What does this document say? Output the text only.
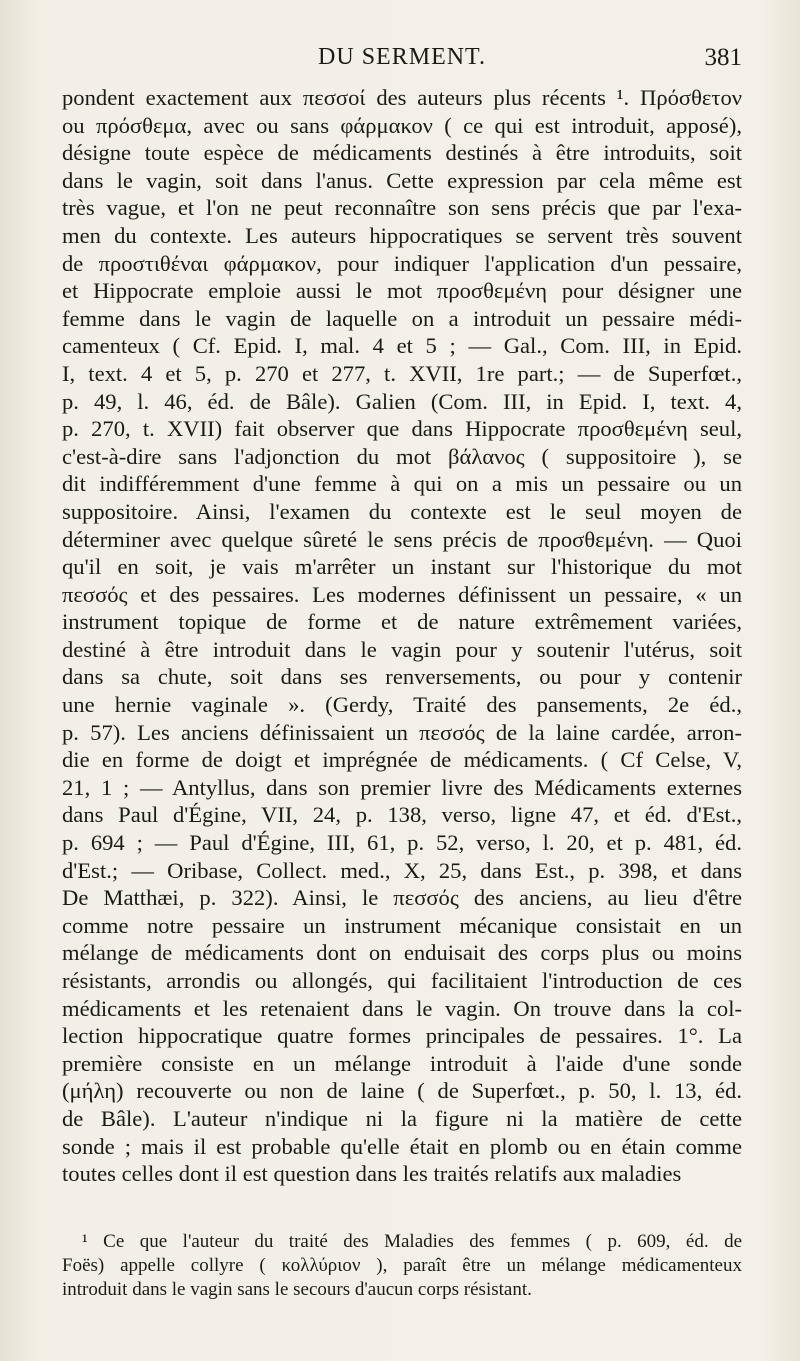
DU SERMENT.	381
pondent exactement aux πεσσοί des auteurs plus récents ¹. Πρόσθετον
ou πρόσθεμα, avec ou sans φάρμακον ( ce qui est introduit, apposé),
désigne toute espèce de médicaments destinés à être introduits, soit
dans le vagin, soit dans l'anus. Cette expression par cela même est
très vague, et l'on ne peut reconnaître son sens précis que par l'exa-
men du contexte. Les auteurs hippocratiques se servent très souvent
de προστιθέναι φάρμακον, pour indiquer l'application d'un pessaire,
et Hippocrate emploie aussi le mot προσθεμένη pour désigner une
femme dans le vagin de laquelle on a introduit un pessaire médi-
camenteux ( Cf. Epid. I, mal. 4 et 5 ; — Gal., Com. III, in Epid.
I, text. 4 et 5, p. 270 et 277, t. XVII, 1re part.; — de Superfœt.,
p. 49, l. 46, éd. de Bâle). Galien (Com. III, in Epid. I, text. 4,
p. 270, t. XVII) fait observer que dans Hippocrate προσθεμένη seul,
c'est-à-dire sans l'adjonction du mot βάλανος ( suppositoire ), se
dit indifféremment d'une femme à qui on a mis un pessaire ou un
suppositoire. Ainsi, l'examen du contexte est le seul moyen de
déterminer avec quelque sûreté le sens précis de προσθεμένη. — Quoi
qu'il en soit, je vais m'arrêter un instant sur l'historique du mot
πεσσός et des pessaires. Les modernes définissent un pessaire, « un
instrument topique de forme et de nature extrêmement variées,
destiné à être introduit dans le vagin pour y soutenir l'utérus, soit
dans sa chute, soit dans ses renversements, ou pour y contenir
une hernie vaginale ». (Gerdy, Traité des pansements, 2e éd.,
p. 57). Les anciens définissaient un πεσσός de la laine cardée, arron-
die en forme de doigt et imprégnée de médicaments. ( Cf Celse, V,
21, 1 ; — Antyllus, dans son premier livre des Médicaments externes
dans Paul d'Égine, VII, 24, p. 138, verso, ligne 47, et éd. d'Est.,
p. 694 ; — Paul d'Égine, III, 61, p. 52, verso, l. 20, et p. 481, éd.
d'Est.; — Oribase, Collect. med., X, 25, dans Est., p. 398, et dans
De Matthæi, p. 322). Ainsi, le πεσσός des anciens, au lieu d'être
comme notre pessaire un instrument mécanique consistait en un
mélange de médicaments dont on enduisait des corps plus ou moins
résistants, arrondis ou allongés, qui facilitaient l'introduction de ces
médicaments et les retenaient dans le vagin. On trouve dans la col-
lection hippocratique quatre formes principales de pessaires. 1°. La
première consiste en un mélange introduit à l'aide d'une sonde
(μήλη) recouverte ou non de laine ( de Superfœt., p. 50, l. 13, éd.
de Bâle). L'auteur n'indique ni la figure ni la matière de cette
sonde ; mais il est probable qu'elle était en plomb ou en étain comme
toutes celles dont il est question dans les traités relatifs aux maladies
¹ Ce que l'auteur du traité des Maladies des femmes ( p. 609, éd. de
Foës) appelle collyre ( κολλύριον ), paraît être un mélange médicamenteux
introduit dans le vagin sans le secours d'aucun corps résistant.
